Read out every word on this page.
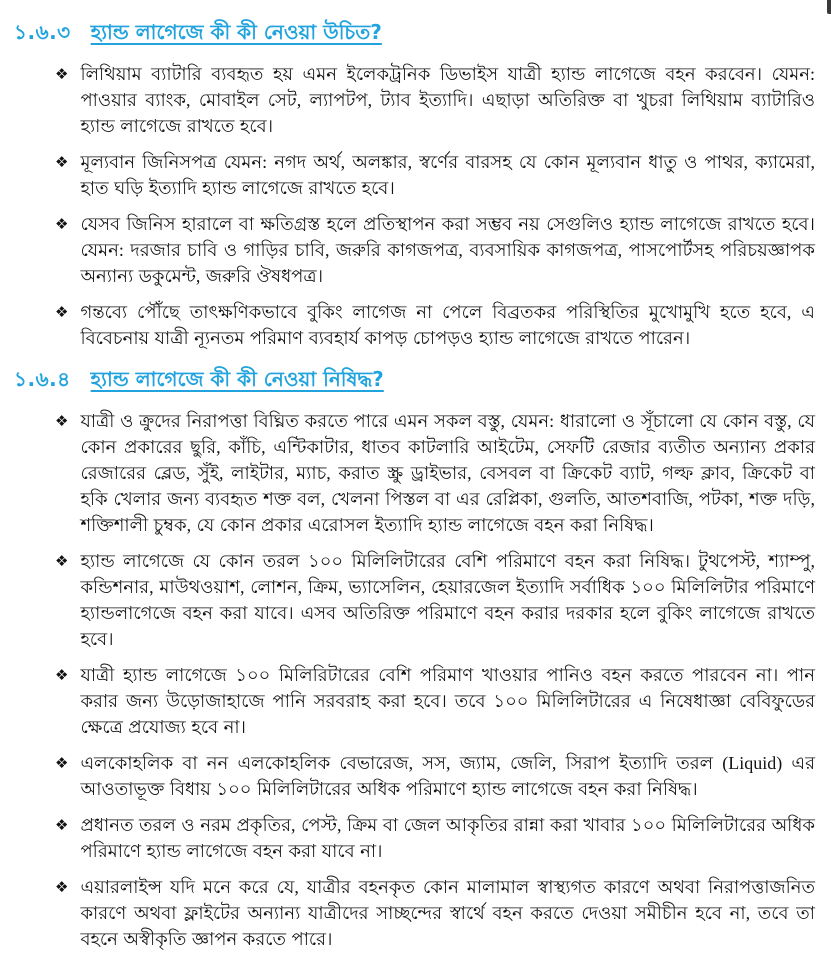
১.৬.৩ হ্যান্ড লাগেজে কী কী নেওয়া উচিত?
❖ লিথিয়াম ব্যাটারি ব্যবহৃত হয় এমন ইলেকট্রনিক ডিভাইস যাত্রী হ্যান্ড লাগেজে বহন করবেন। যেমন: পাওয়ার ব্যাংক, মোবাইল সেট, ল্যাপটপ, ট্যাব ইত্যাদি। এছাড়া অতিরিক্ত বা খুচরা লিথিয়াম ব্যাটারিও হ্যান্ড লাগেজে রাখতে হবে।
❖ মূল্যবান জিনিসপত্র যেমন: নগদ অর্থ, অলঙ্কার, স্বর্ণের বারসহ যে কোন মূল্যবান ধাতু ও পাথর, ক্যামেরা, হাত ঘড়ি ইত্যাদি হ্যান্ড লাগেজে রাখতে হবে।
❖ যেসব জিনিস হারালে বা ক্ষতিগ্রস্ত হলে প্রতিস্থাপন করা সম্ভব নয় সেগুলিও হ্যান্ড লাগেজে রাখতে হবে। যেমন: দরজার চাবি ও গাড়ির চাবি, জরুরি কাগজপত্র, ব্যবসায়িক কাগজপত্র, পাসপোর্টসহ পরিচয়জ্ঞাপক অন্যান্য ডকুমেন্ট, জরুরি ঔষধপত্র।
❖ গন্তব্যে পৌঁছে তাৎক্ষণিকভাবে বুকিং লাগেজ না পেলে বিব্রতকর পরিস্থিতির মুখোমুখি হতে হবে, এ বিবেচনায় যাত্রী ন্যূনতম পরিমাণ ব্যবহার্য কাপড় চোপড়ও হ্যান্ড লাগেজে রাখতে পারেন।
১.৬.৪ হ্যান্ড লাগেজে কী কী নেওয়া নিষিদ্ধ?
❖ যাত্রী ও ক্রুদের নিরাপত্তা বিঘ্নিত করতে পারে এমন সকল বস্তু, যেমন: ধারালো ও সূঁচালো যে কোন বস্তু, যে কোন প্রকারের ছুরি, কাঁচি, এন্টিকাটার, ধাতব কাটলারি আইটেম, সেফটি রেজার ব্যতীত অন্যান্য প্রকার রেজারের ব্লেড, সুঁই, লাইটার, ম্যাচ, করাত স্ক্রু ড্রাইভার, বেসবল বা ক্রিকেট ব্যাট, গল্ফ ক্লাব, ক্রিকেট বা হকি খেলার জন্য ব্যবহৃত শক্ত বল, খেলনা পিস্তল বা এর রেপ্লিকা, গুলতি, আতশবাজি, পটকা, শক্ত দড়ি, শক্তিশালী চুম্বক, যে কোন প্রকার এরোসল ইত্যাদি হ্যান্ড লাগেজে বহন করা নিষিদ্ধ।
❖ হ্যান্ড লাগেজে যে কোন তরল ১০০ মিলিলিটারের বেশি পরিমাণে বহন করা নিষিদ্ধ। টুথপেস্ট, শ্যাম্পু, কন্ডিশনার, মাউথওয়াশ, লোশন, ক্রিম, ভ্যাসেলিন, হেয়ারজেল ইত্যাদি সর্বাধিক ১০০ মিলিলিটার পরিমাণে হ্যান্ডলাগেজে বহন করা যাবে। এসব অতিরিক্ত পরিমাণে বহন করার দরকার হলে বুকিং লাগেজে রাখতে হবে।
❖ যাত্রী হ্যান্ড লাগেজে ১০০ মিলিরিটারের বেশি পরিমাণ খাওয়ার পানিও বহন করতে পারবেন না। পান করার জন্য উড়োজাহাজে পানি সরবরাহ করা হবে। তবে ১০০ মিলিলিটারের এ নিষেধাজ্ঞা বেবিফুডের ক্ষেত্রে প্রযোজ্য হবে না।
❖ এলকোহলিক বা নন এলকোহলিক বেভারেজ, সস, জ্যাম, জেলি, সিরাপ ইত্যাদি তরল (Liquid) এর আওতাভূক্ত বিধায় ১০০ মিলিলিটারের অধিক পরিমাণে হ্যান্ড লাগেজে বহন করা নিষিদ্ধ।
❖ প্রধানত তরল ও নরম প্রকৃতির, পেস্ট, ক্রিম বা জেল আকৃতির রান্না করা খাবার ১০০ মিলিলিটারের অধিক পরিমাণে হ্যান্ড লাগেজে বহন করা যাবে না।
❖ এয়ারলাইন্স যদি মনে করে যে, যাত্রীর বহনকৃত কোন মালামাল স্বাস্থ্যগত কারণে অথবা নিরাপত্তাজনিত কারণে অথবা ফ্লাইটের অন্যান্য যাত্রীদের সাচ্ছন্দের স্বার্থে বহন করতে দেওয়া সমীচীন হবে না, তবে তা বহনে অস্বীকৃতি জ্ঞাপন করতে পারে।
